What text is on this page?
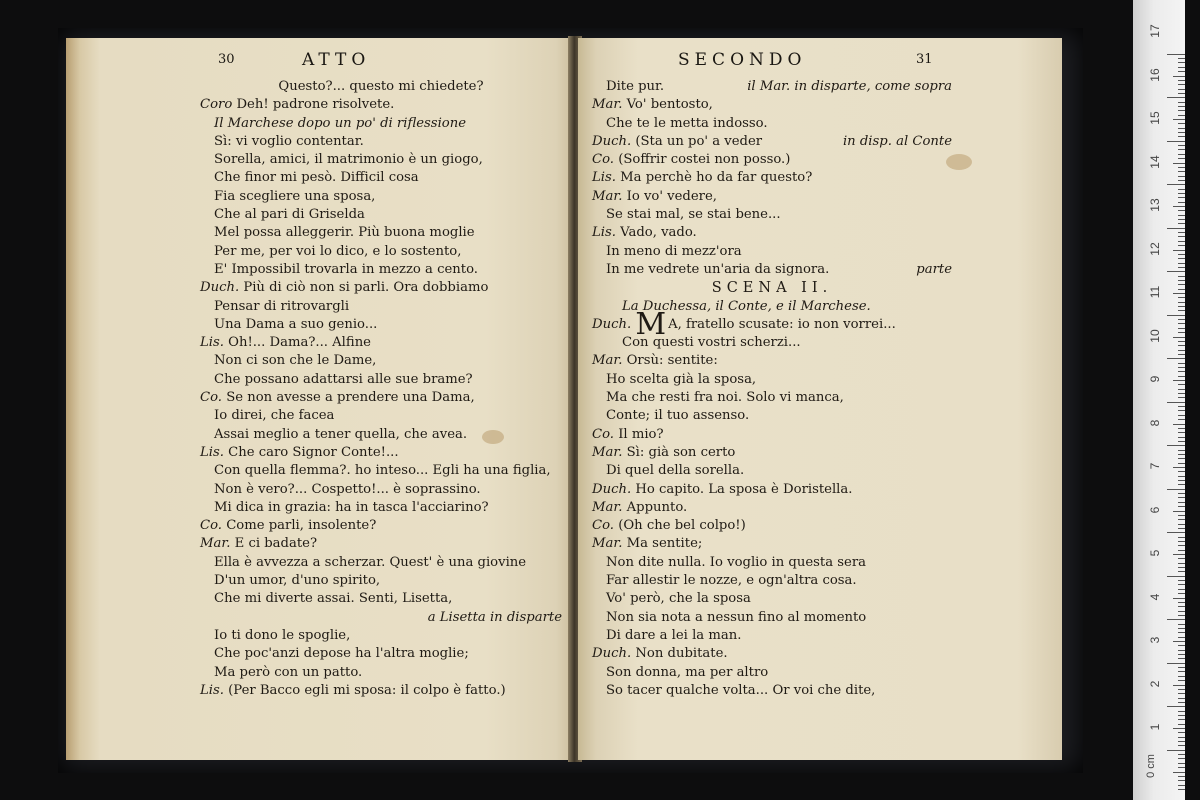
30	ATTO
Questo?... questo mi chiedete?
Coro Deh! padrone risolvete.
Il Marchese dopo un po' di riflessione
Sì: vi voglio contentar.
Sorella, amici, il matrimonio è un giogo,
Che finor mi pesò. Difficil cosa
Fia scegliere una sposa,
Che al pari di Griselda
Mel possa alleggerir. Più buona moglie
Per me, per voi lo dico, e lo sostento,
E' Impossibil trovarla in mezzo a cento.
Duch. Più di ciò non si parli. Ora dobbiamo
Pensar di ritrovargli
Una Dama a suo genio...
Lis. Oh!... Dama?... Alfine
Non ci son che le Dame,
Che possano adattarsi alle sue brame?
Co. Se non avesse a prendere una Dama,
Io direi, che facea
Assai meglio a tener quella, che avea.
Lis. Che caro Signor Conte!...
Con quella flemma?. ho inteso... Egli ha una figlia,
Non è vero?... Cospetto!... è soprassino.
Mi dica in grazia: ha in tasca l'acciarino?
Co. Come parli, insolente?
Mar. E ci badate?
Ella è avvezza a scherzar. Quest' è una giovine
D'un umor, d'uno spirito,
Che mi diverte assai. Senti, Lisetta,
a Lisetta in disparte
Io ti dono le spoglie,
Che poc'anzi depose ha l'altra moglie;
Ma però con un patto.
Lis. (Per Bacco egli mi sposa: il colpo è fatto.)
SECONDO	31
Dite pur.	il Mar. in disparte, come sopra
Mar. Vo' bentosto,
Che te le metta indosso.
Duch. (Sta un po' a veder	in disp. al Conte
Co. (Soffrir costei non posso.)
Lis. Ma perchè ho da far questo?
Mar. Io vo' vedere,
Se stai mal, se stai bene...
Lis. Vado, vado.
In meno di mezz'ora
In me vedrete un'aria da signora.	parte
SCENA II.
La Duchessa, il Conte, e il Marchese.
Duch. M A, fratello scusate: io non vorrei...
Con questi vostri scherzi...
Mar. Orsù: sentite:
Ho scelta già la sposa,
Ma che resti fra noi. Solo vi manca,
Conte; il tuo assenso.
Co. Il mio?
Mar. Sì: già son certo
Di quel della sorella.
Duch. Ho capito. La sposa è Doristella.
Mar. Appunto.
Co. (Oh che bel colpo!)
Mar. Ma sentite;
Non dite nulla. Io voglio in questa sera
Far allestir le nozze, e ogn'altra cosa.
Vo' però, che la sposa
Non sia nota a nessun fino al momento
Di dare a lei la man.
Duch. Non dubitate.
Son donna, ma per altro
So tacer qualche volta... Or voi che dite,
0 cm
17
16
15
14
13
12
11
10
9
8
7
6
5
4
3
2
1
